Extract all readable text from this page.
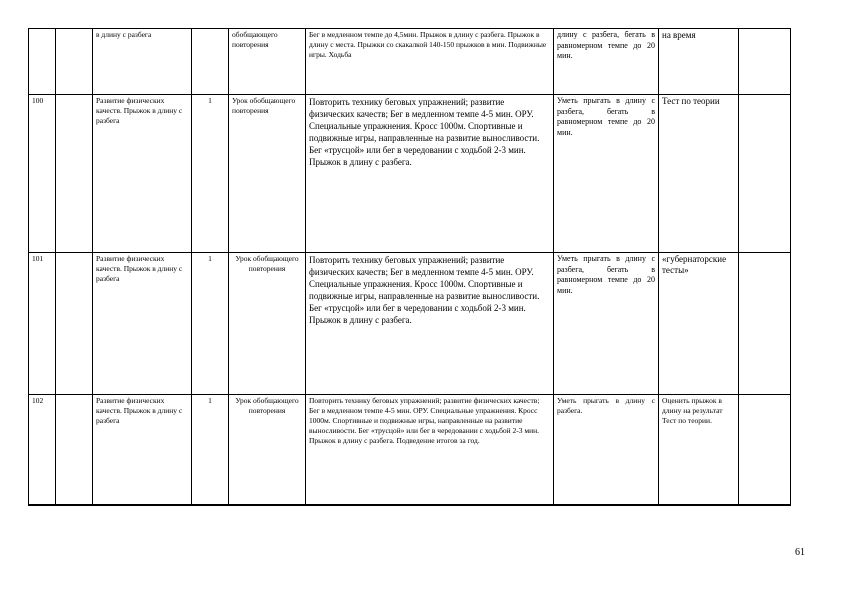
		в длину с разбега		обобщающего повторения	Бег в медленном темпе до 4,5мин. Прыжок в длину с разбега. Прыжок в длину с места. Прыжки со скакалкой 140-150 прыжков в мин. Подвижные игры. Ходьба	длину с разбега, бегать в равномерном темпе до 20 мин.	на время	
100		Развитие физических качеств. Прыжок в длину с разбега	1	Урок обобщающего повторения	Повторить технику беговых упражнений; развитие физических качеств; Бег в медленном темпе 4-5 мин. ОРУ. Специальные упражнения. Кросс 1000м. Спортивные и подвижные игры, направленные на развитие выносливости. Бег «трусцой» или бег в чередовании с ходьбой 2-3 мин. Прыжок в длину с разбега.	Уметь прыгать в длину с разбега, бегать в равномерном темпе до 20 мин.	Тест по теории	
101		Развитие физических качеств. Прыжок в длину с разбега	1	Урок обобщающего повторения	Повторить технику беговых упражнений; развитие физических качеств; Бег в медленном темпе 4-5 мин. ОРУ. Специальные упражнения. Кросс 1000м. Спортивные и подвижные игры, направленные на развитие выносливости. Бег «трусцой» или бег в чередовании с ходьбой 2-3 мин. Прыжок в длину с разбега.	Уметь прыгать в длину с разбега, бегать в равномерном темпе до 20 мин.	«губернаторские тесты»	
102		Развитие физических качеств. Прыжок в длину с разбега	1	Урок обобщающего повторения	Повторить технику беговых упражнений; развитие физических качеств; Бег в медленном темпе 4-5 мин. ОРУ. Специальные упражнения. Кросс 1000м. Спортивные и подвижные игры, направленные на развитие выносливости. Бег «трусцой» или бег в чередовании с ходьбой 2-3 мин. Прыжок в длину с разбега. Подведение итогов за год.	Уметь прыгать в длину с разбега.	Оценить прыжок в длину на результат Тест по теории.	
61
